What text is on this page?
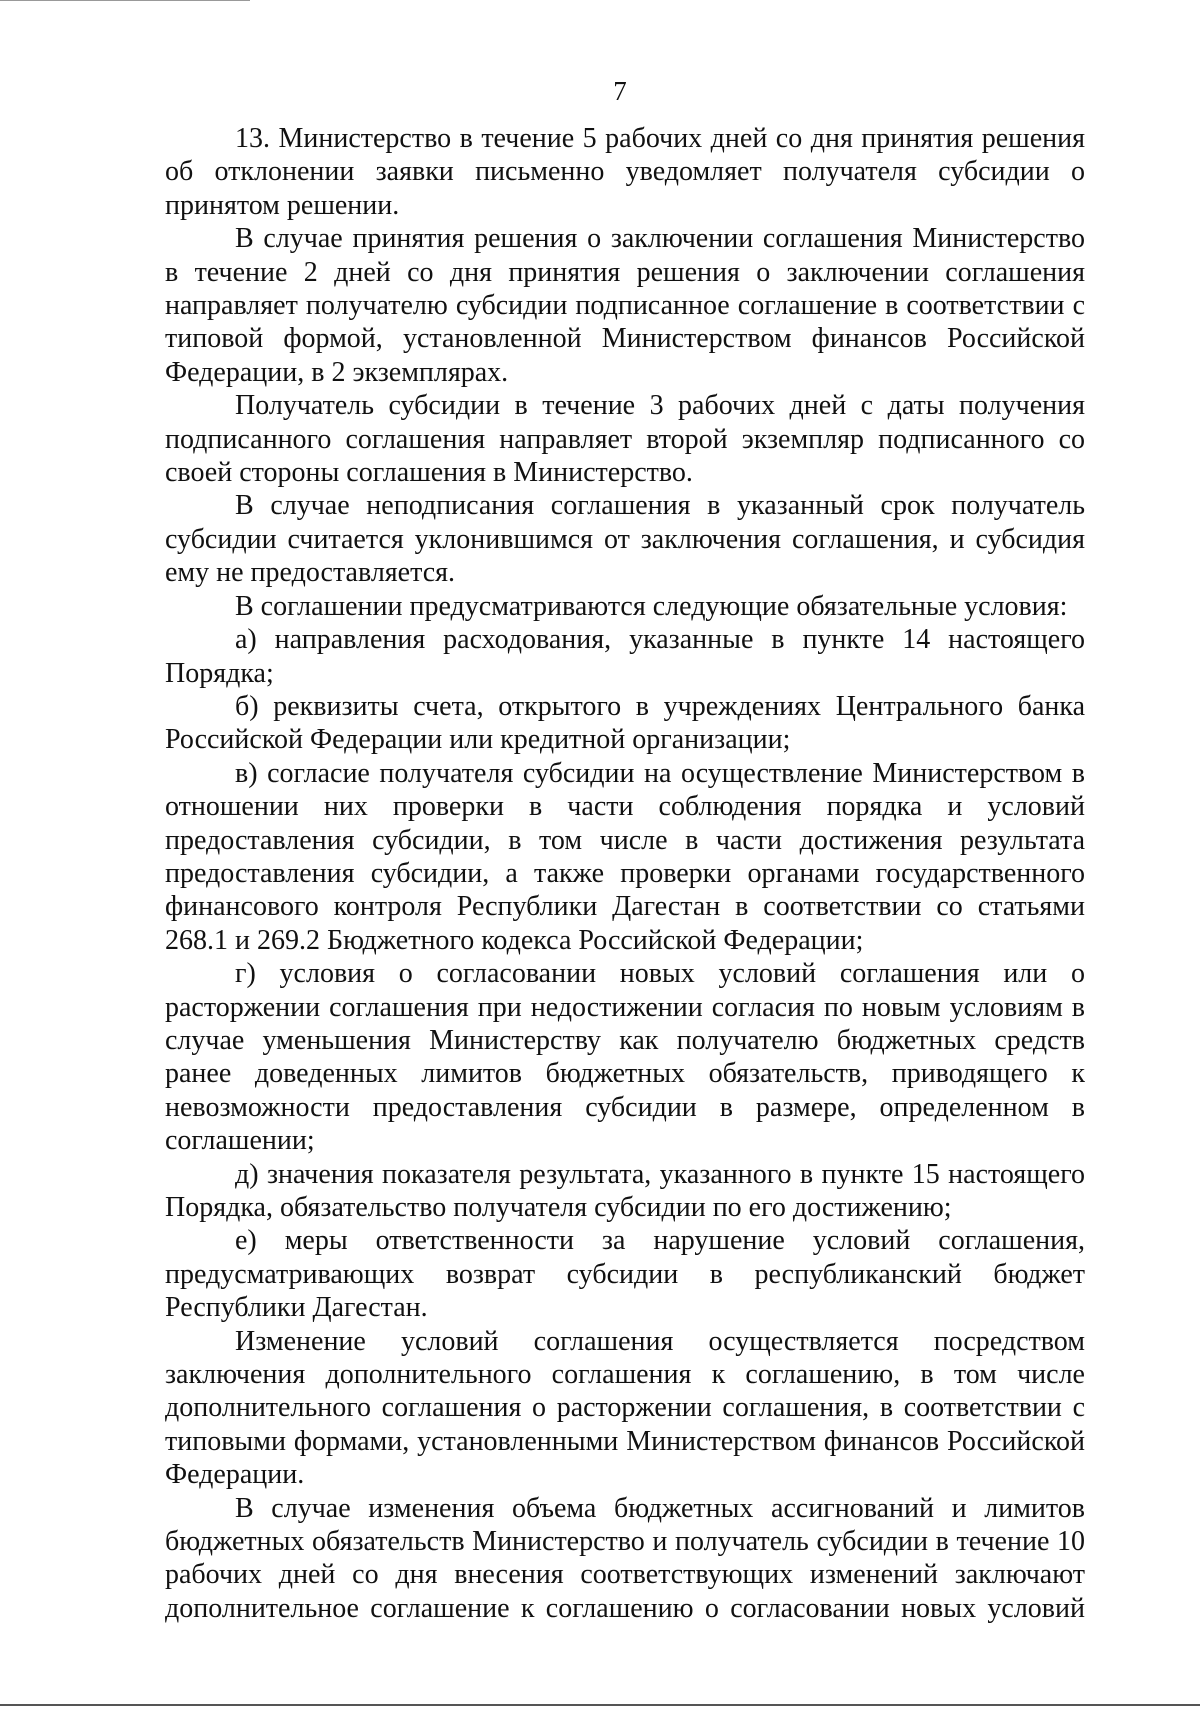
7

13. Министерство в течение 5 рабочих дней со дня принятия решения об отклонении заявки письменно уведомляет получателя субсидии о принятом решении.

В случае принятия решения о заключении соглашения Министерство в течение 2 дней со дня принятия решения о заключении соглашения направляет получателю субсидии подписанное соглашение в соответствии с типовой формой, установленной Министерством финансов Российской Федерации, в 2 экземплярах.

Получатель субсидии в течение 3 рабочих дней с даты получения подписанного соглашения направляет второй экземпляр подписанного со своей стороны соглашения в Министерство.

В случае неподписания соглашения в указанный срок получатель субсидии считается уклонившимся от заключения соглашения, и субсидия ему не предоставляется.

В соглашении предусматриваются следующие обязательные условия:

а) направления расходования, указанные в пункте 14 настоящего Порядка;

б) реквизиты счета, открытого в учреждениях Центрального банка Российской Федерации или кредитной организации;

в) согласие получателя субсидии на осуществление Министерством в отношении них проверки в части соблюдения порядка и условий предоставления субсидии, в том числе в части достижения результата предоставления субсидии, а также проверки органами государственного финансового контроля Республики Дагестан в соответствии со статьями 268.1 и 269.2 Бюджетного кодекса Российской Федерации;

г) условия о согласовании новых условий соглашения или о расторжении соглашения при недостижении согласия по новым условиям в случае уменьшения Министерству как получателю бюджетных средств ранее доведенных лимитов бюджетных обязательств, приводящего к невозможности предоставления субсидии в размере, определенном в соглашении;

д) значения показателя результата, указанного в пункте 15 настоящего Порядка, обязательство получателя субсидии по его достижению;

е) меры ответственности за нарушение условий соглашения, предусматривающих возврат субсидии в республиканский бюджет Республики Дагестан.

Изменение условий соглашения осуществляется посредством заключения дополнительного соглашения к соглашению, в том числе дополнительного соглашения о расторжении соглашения, в соответствии с типовыми формами, установленными Министерством финансов Российской Федерации.

В случае изменения объема бюджетных ассигнований и лимитов бюджетных обязательств Министерство и получатель субсидии в течение 10 рабочих дней со дня внесения соответствующих изменений заключают дополнительное соглашение к соглашению о согласовании новых условий
